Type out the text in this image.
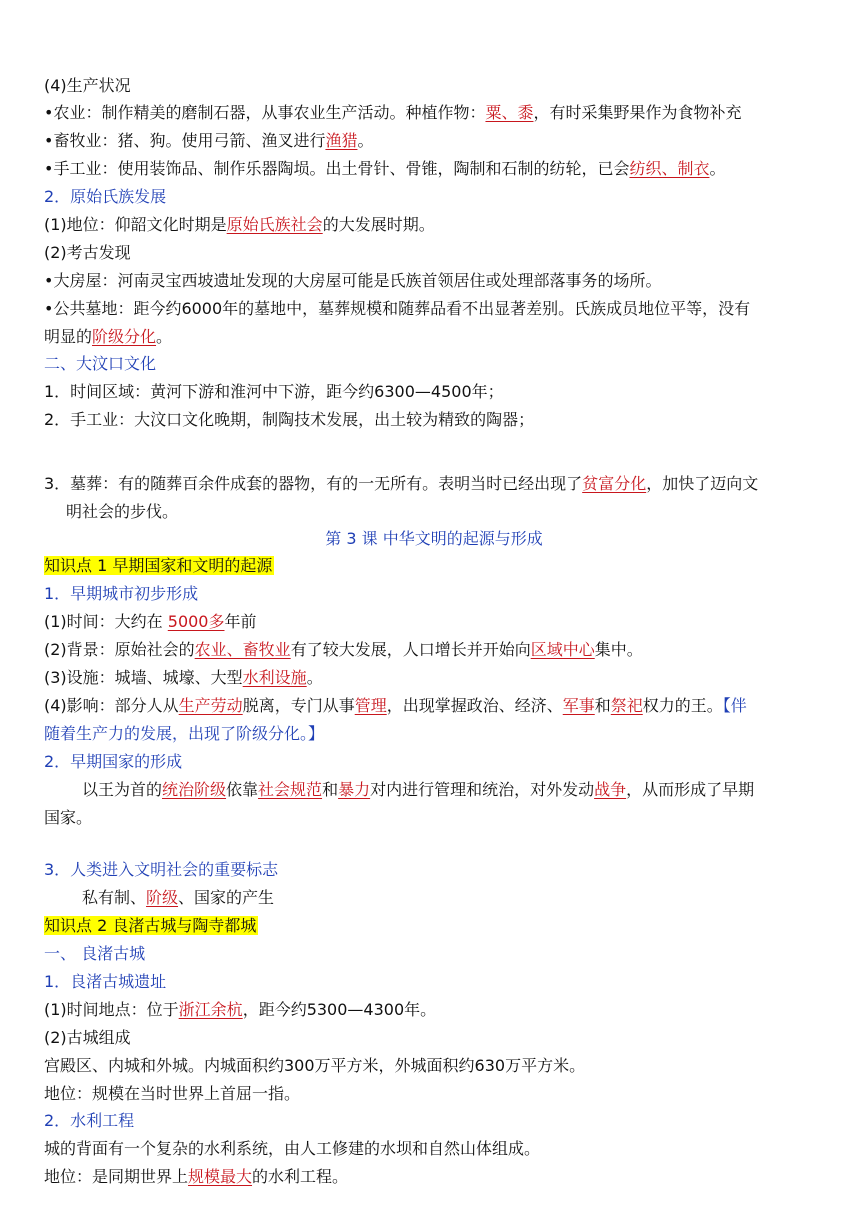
(4)生产状况
•农业：制作精美的磨制石器，从事农业生产活动。种植作物：粟、黍，有时采集野果作为食物补充
•畜牧业：猪、狗。使用弓箭、渔叉进行渔猎。
•手工业：使用装饰品、制作乐器陶埙。出土骨针、骨锥，陶制和石制的纺轮，已会纺织、制衣。
2．原始氏族发展
(1)地位：仰韶文化时期是原始氏族社会的大发展时期。
(2)考古发现
•大房屋：河南灵宝西坡遗址发现的大房屋可能是氏族首领居住或处理部落事务的场所。
•公共墓地：距今约6000年的墓地中，墓葬规模和随葬品看不出显著差别。氏族成员地位平等，没有
明显的阶级分化。
二、大汶口文化
1．时间区域：黄河下游和淮河中下游，距今约6300—4500年；
2．手工业：大汶口文化晚期，制陶技术发展，出土较为精致的陶器；
3．墓葬：有的随葬百余件成套的器物，有的一无所有。表明当时已经出现了贫富分化，加快了迈向文
明社会的步伐。
第 3 课 中华文明的起源与形成
知识点 1 早期国家和文明的起源
1．早期城市初步形成
(1)时间：大约在 5000多年前
(2)背景：原始社会的农业、畜牧业有了较大发展，人口增长并开始向区域中心集中。
(3)设施：城墙、城壕、大型水利设施。
(4)影响：部分人从生产劳动脱离，专门从事管理，出现掌握政治、经济、军事和祭祀权力的王。【伴
随着生产力的发展，出现了阶级分化。】
2．早期国家的形成
以王为首的统治阶级依靠社会规范和暴力对内进行管理和统治，对外发动战争，从而形成了早期
国家。
3．人类进入文明社会的重要标志
私有制、阶级、国家的产生
知识点 2 良渚古城与陶寺都城
一、 良渚古城
1．良渚古城遗址
(1)时间地点：位于浙江余杭，距今约5300—4300年。
(2)古城组成
宫殿区、内城和外城。内城面积约300万平方米，外城面积约630万平方米。
地位：规模在当时世界上首屈一指。
2．水利工程
城的背面有一个复杂的水利系统，由人工修建的水坝和自然山体组成。
地位：是同期世界上规模最大的水利工程。
